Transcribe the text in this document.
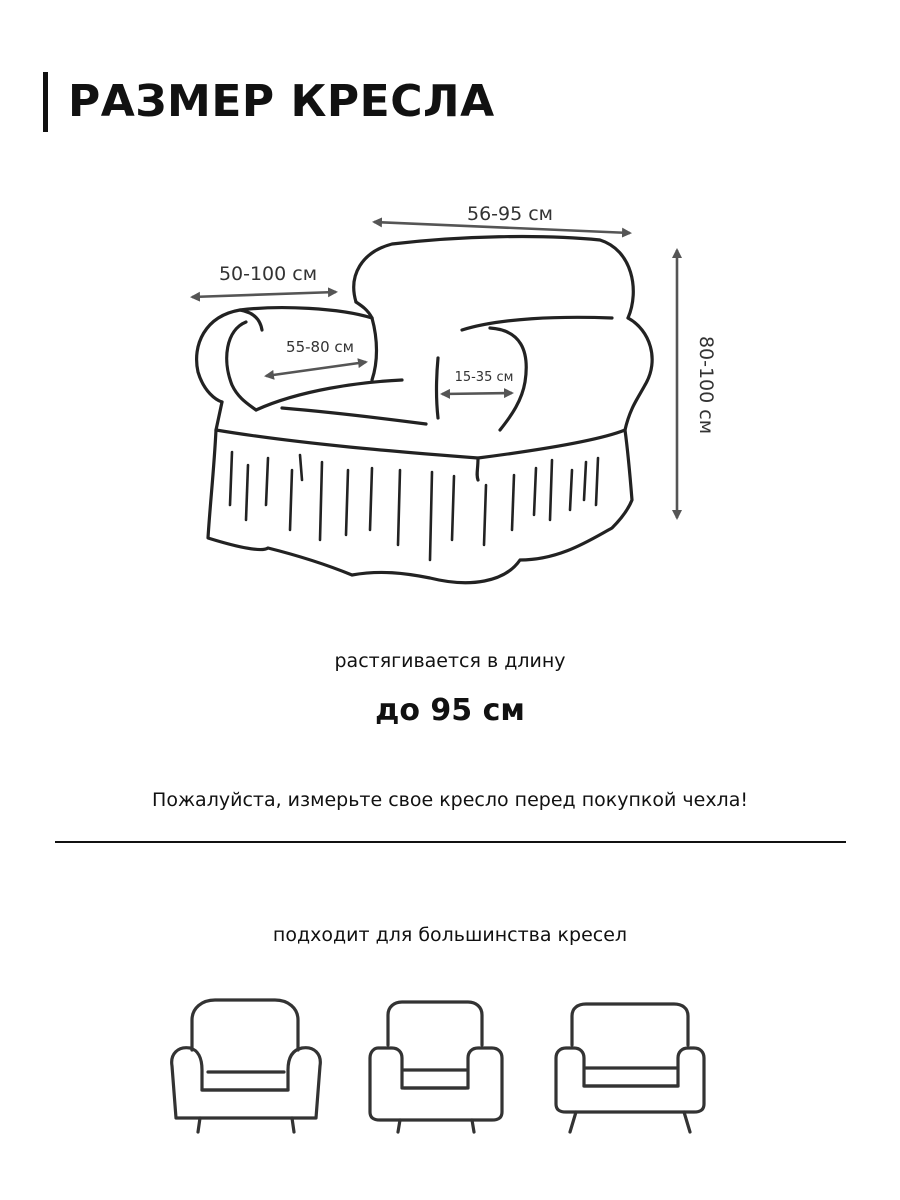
РАЗМЕР КРЕСЛА
56-95 см
50-100 см
55-80 см
15-35 см	80-100 см

растягивается в длину

до 95 см

Пожалуйста, измерьте свое кресло перед покупкой чехла!

подходит для большинства кресел
